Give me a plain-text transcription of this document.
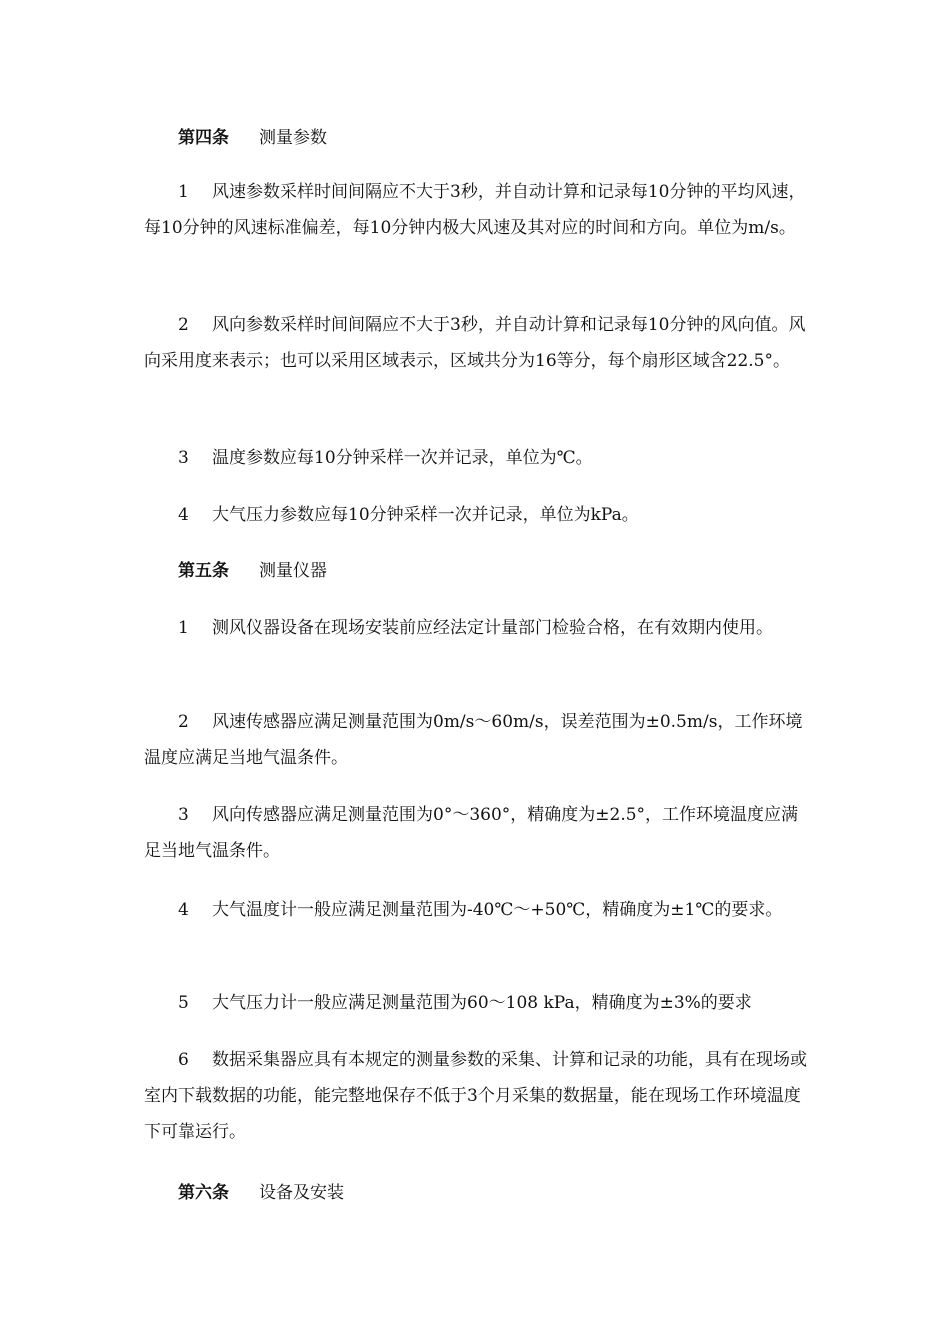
第四条 测量参数

1 风速参数采样时间间隔应不大于3秒，并自动计算和记录每10分钟的平均风速，每10分钟的风速标准偏差，每10分钟内极大风速及其对应的时间和方向。单位为m/s。

2 风向参数采样时间间隔应不大于3秒，并自动计算和记录每10分钟的风向值。风向采用度来表示；也可以采用区域表示，区域共分为16等分，每个扇形区域含22.5°。

3 温度参数应每10分钟采样一次并记录，单位为℃。

4 大气压力参数应每10分钟采样一次并记录，单位为kPa。

第五条 测量仪器

1 测风仪器设备在现场安装前应经法定计量部门检验合格，在有效期内使用。

2 风速传感器应满足测量范围为0m/s～60m/s，误差范围为±0.5m/s，工作环境温度应满足当地气温条件。

3 风向传感器应满足测量范围为0°～360°，精确度为±2.5°，工作环境温度应满足当地气温条件。

4 大气温度计一般应满足测量范围为-40℃～+50℃，精确度为±1℃的要求。

5 大气压力计一般应满足测量范围为60～108 kPa，精确度为±3%的要求

6 数据采集器应具有本规定的测量参数的采集、计算和记录的功能，具有在现场或室内下载数据的功能，能完整地保存不低于3个月采集的数据量，能在现场工作环境温度下可靠运行。

第六条 设备及安装
